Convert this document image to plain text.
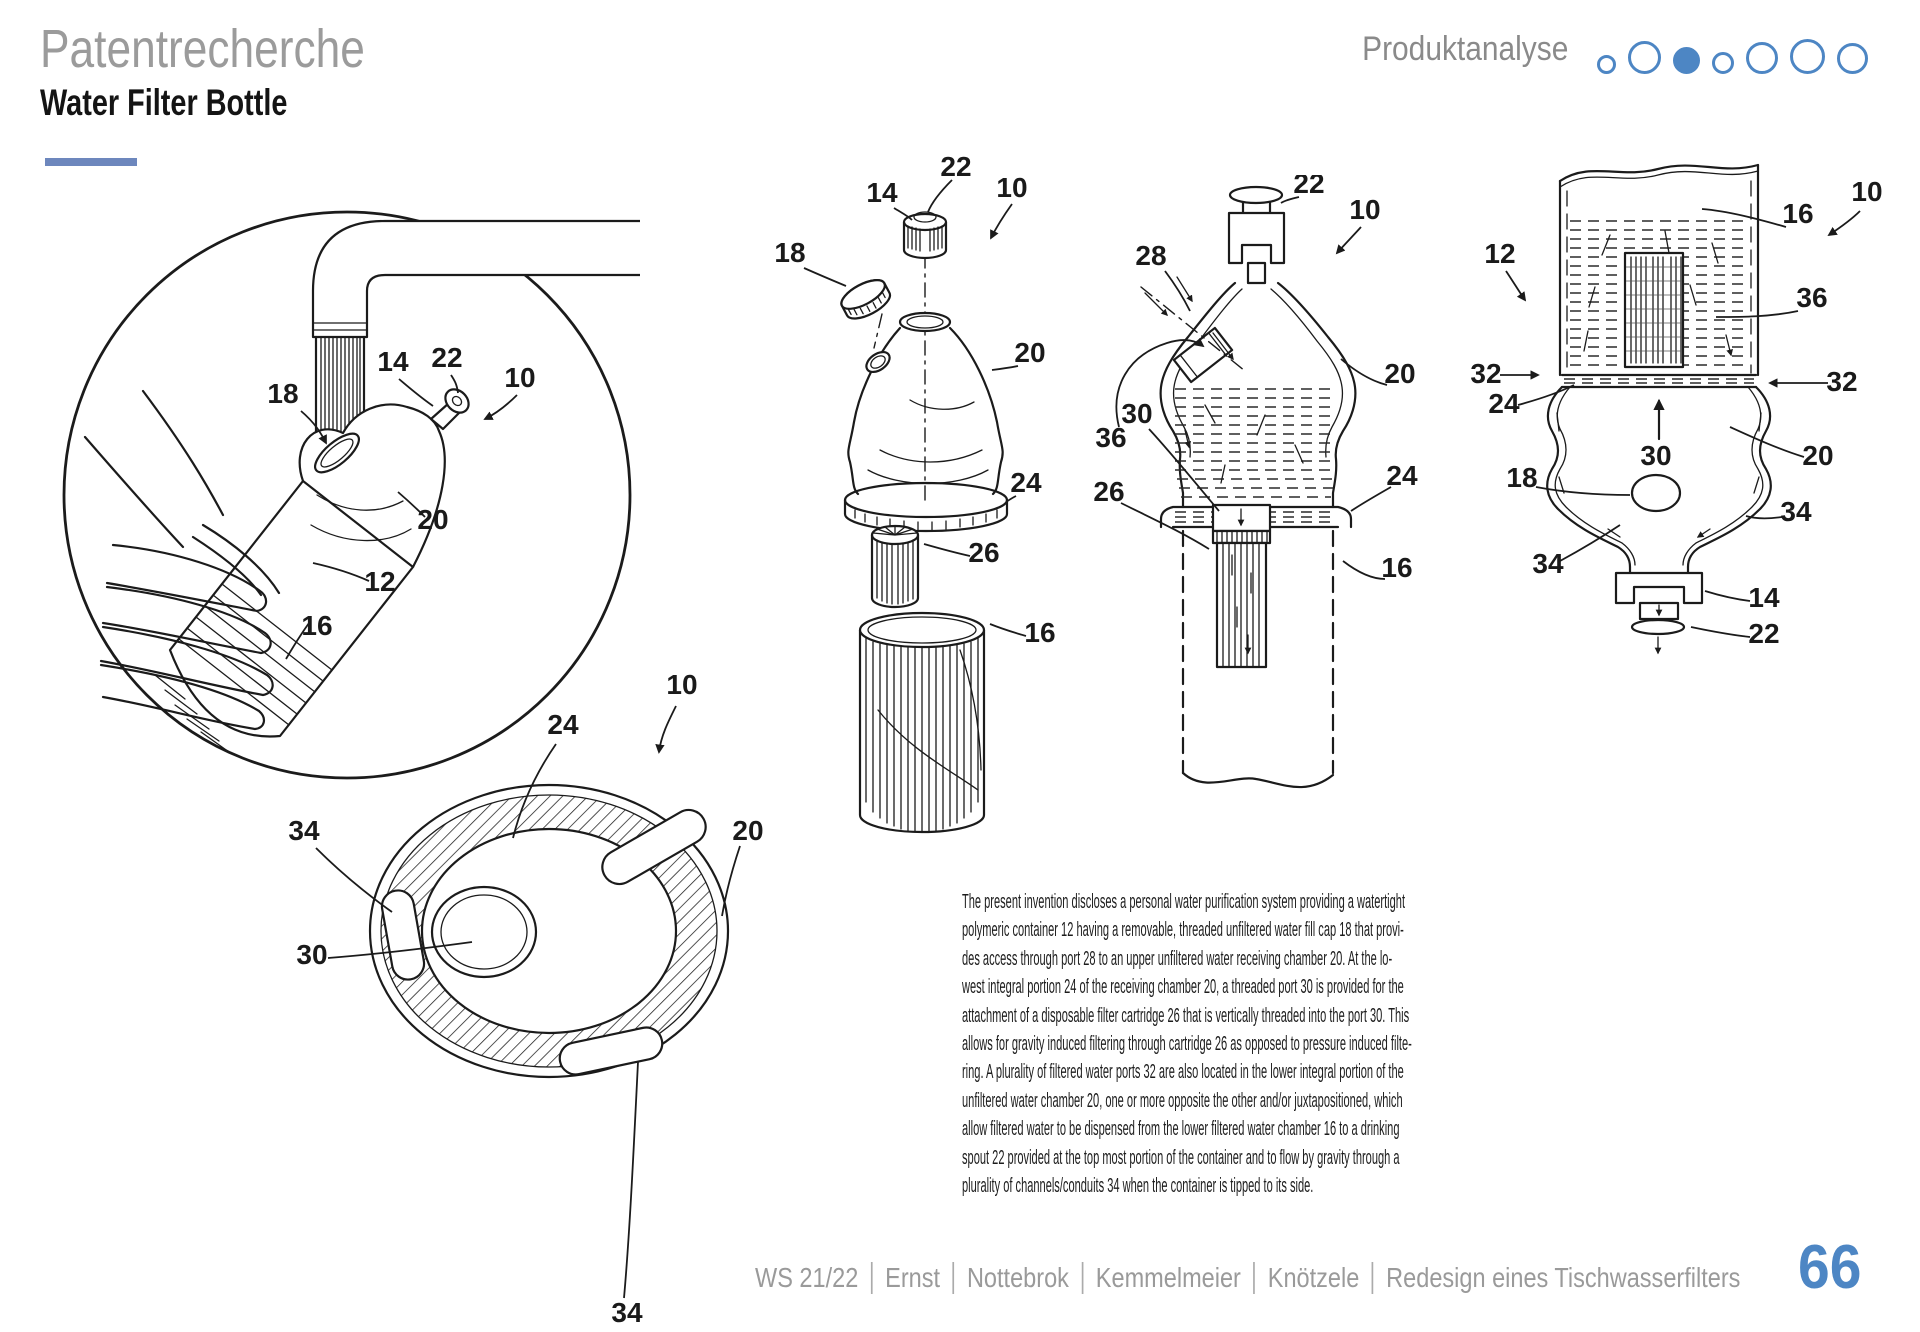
Patentrecherche
Water Filter Bottle
Produktanalyse
18
14 22
10
20
12
16
22
14	10
18
20
24
26
16
22
10
28
36
30
26
20
24
16
16
10
12
36
32	32
24
30	20
18
34
34
14
22
24
10
20
34
30
34
The present invention discloses a personal water purification system providing a watertight
polymeric container 12 having a removable, threaded unfiltered water fill cap 18 that provi-
des access through port 28 to an upper unfiltered water receiving chamber 20. At the lo-
west integral portion 24 of the receiving chamber 20, a threaded port 30 is provided for the
attachment of a disposable filter cartridge 26 that is vertically threaded into the port 30. This
allows for gravity induced filtering through cartridge 26 as opposed to pressure induced filte-
ring. A plurality of filtered water ports 32 are also located in the lower integral portion of the
unfiltered water chamber 20, one or more opposite the other and/or juxtapositioned, which
allow filtered water to be dispensed from the lower filtered water chamber 16 to a drinking
spout 22 provided at the top most portion of the container and to flow by gravity through a
plurality of channels/conduits 34 when the container is tipped to its side.
WS 21/22 Ernst Nottebrok Kemmelmeier Knötzele Redesign eines Tischwasserfilters 66
